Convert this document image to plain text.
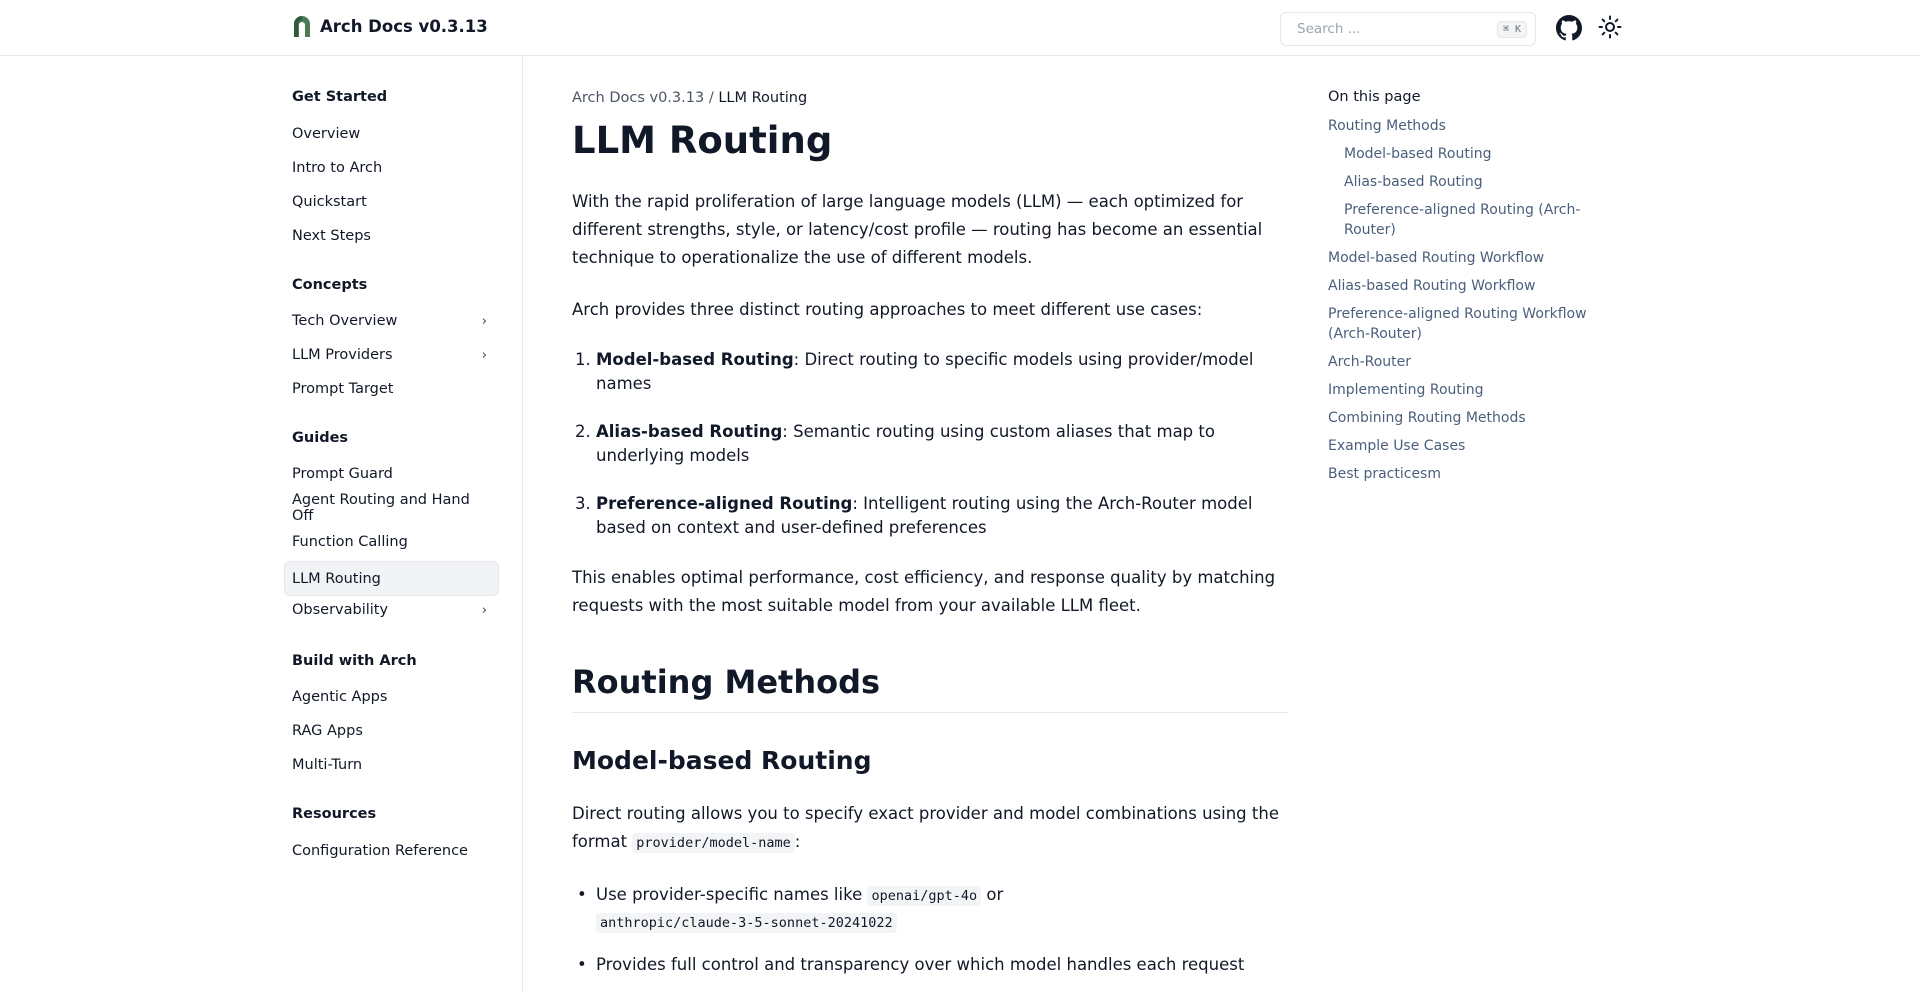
Arch Docs v0.3.13	Search ...	⌘ K
Get Started
Overview
Intro to Arch
Quickstart
Next Steps
Concepts
Tech Overview	›
LLM Providers	›
Prompt Target
Guides
Prompt Guard
Agent Routing and Hand Off
Function Calling
LLM Routing
Observability	›
Build with Arch
Agentic Apps
RAG Apps
Multi-Turn
Resources
Configuration Reference
Arch Docs v0.3.13 / LLM Routing
LLM Routing

With the rapid proliferation of large language models (LLM) — each optimized for different strengths, style, or latency/cost profile — routing has become an essential technique to operationalize the use of different models.

Arch provides three distinct routing approaches to meet different use cases:

1. Model-based Routing: Direct routing to specific models using provider/model names
2. Alias-based Routing: Semantic routing using custom aliases that map to underlying models
3. Preference-aligned Routing: Intelligent routing using the Arch-Router model based on context and user-defined preferences

This enables optimal performance, cost efficiency, and response quality by matching requests with the most suitable model from your available LLM fleet.

Routing Methods
Model-based Routing

Direct routing allows you to specify exact provider and model combinations using the format provider/model-name :

• Use provider-specific names like openai/gpt-4o or
anthropic/claude-3-5-sonnet-20241022
• Provides full control and transparency over which model handles each request
On this page
Routing Methods
Model-based Routing
Alias-based Routing
Preference-aligned Routing (Arch-Router)
Model-based Routing Workflow
Alias-based Routing Workflow
Preference-aligned Routing Workflow (Arch-Router)
Arch-Router
Implementing Routing
Combining Routing Methods
Example Use Cases
Best practicesm
